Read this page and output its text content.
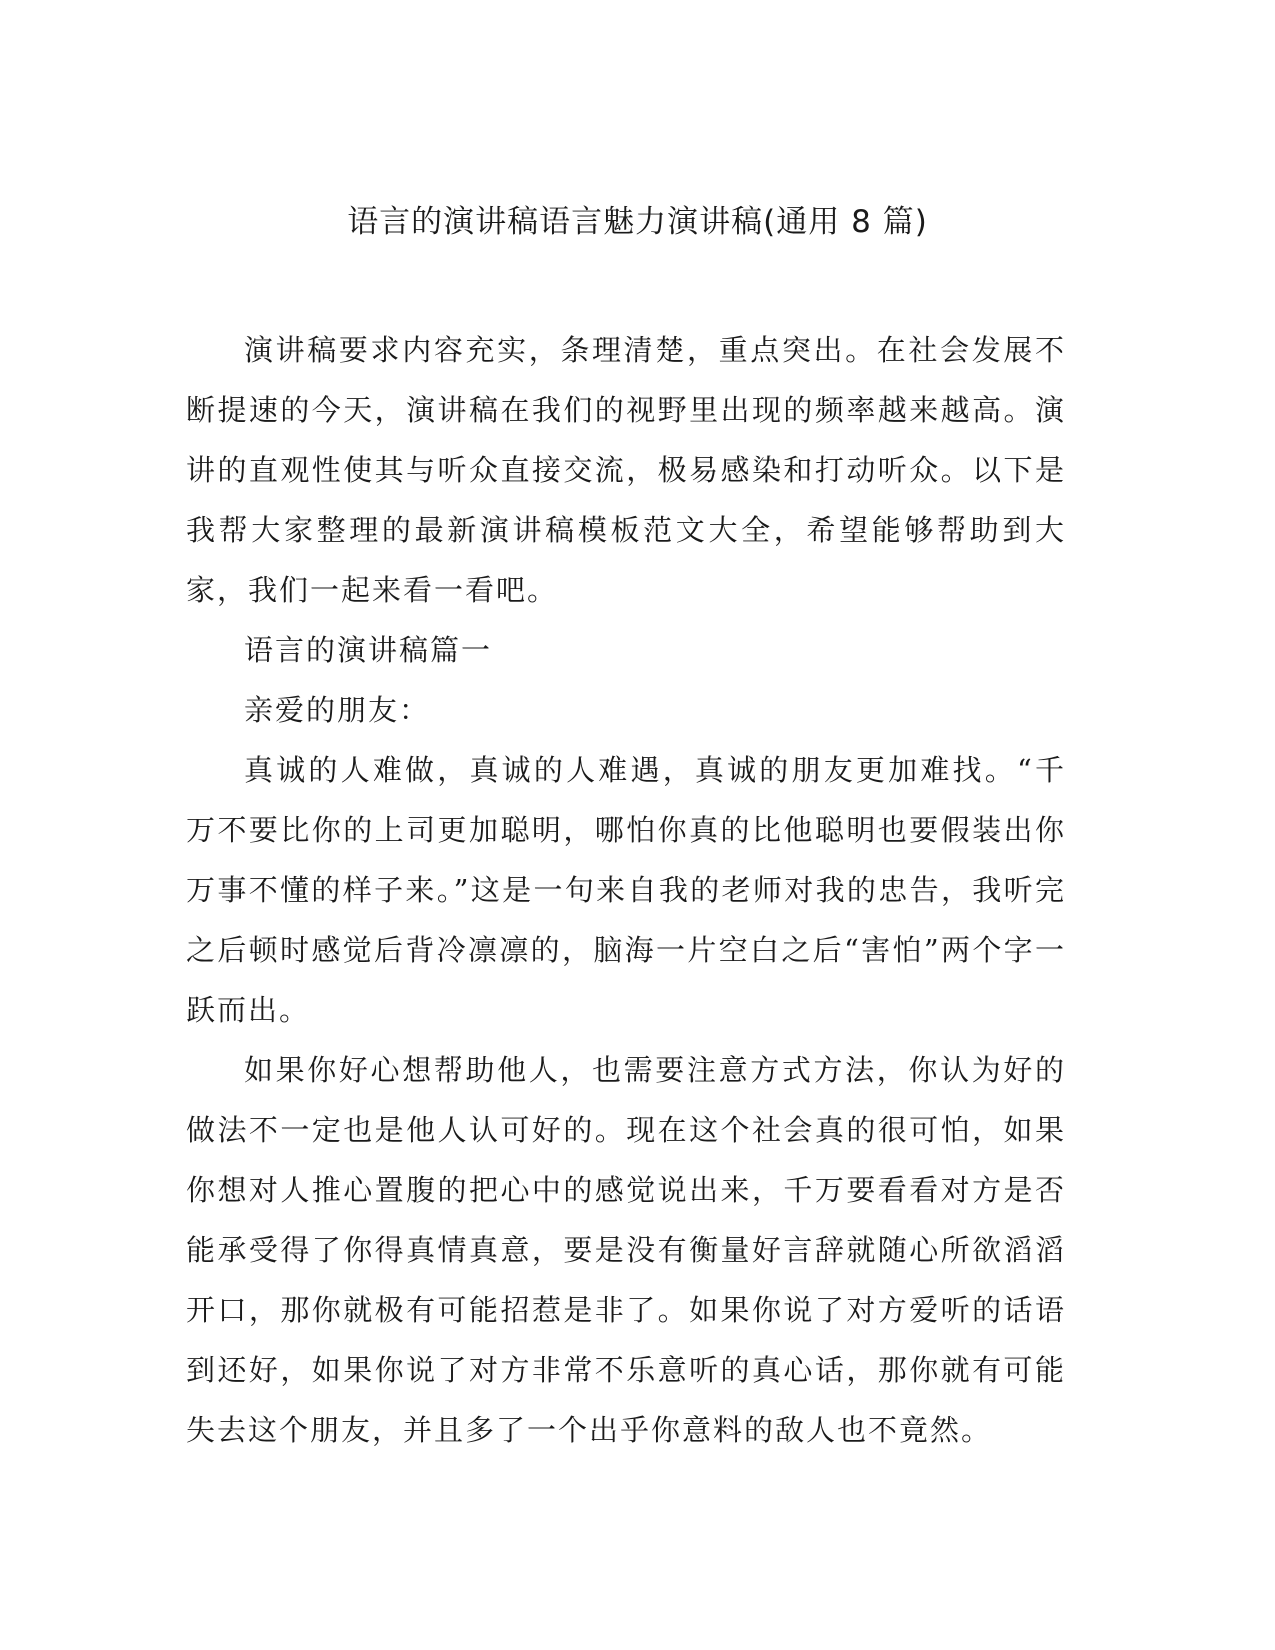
语言的演讲稿语言魅力演讲稿(通用 8 篇)

演讲稿要求内容充实，条理清楚，重点突出。在社会发展不断提速的今天，演讲稿在我们的视野里出现的频率越来越高。演讲的直观性使其与听众直接交流，极易感染和打动听众。以下是我帮大家整理的最新演讲稿模板范文大全，希望能够帮助到大家，我们一起来看一看吧。

语言的演讲稿篇一

亲爱的朋友：

真诚的人难做，真诚的人难遇，真诚的朋友更加难找。“千万不要比你的上司更加聪明，哪怕你真的比他聪明也要假装出你万事不懂的样子来。”这是一句来自我的老师对我的忠告，我听完之后顿时感觉后背冷凛凛的，脑海一片空白之后“害怕”两个字一跃而出。

如果你好心想帮助他人，也需要注意方式方法，你认为好的做法不一定也是他人认可好的。现在这个社会真的很可怕，如果你想对人推心置腹的把心中的感觉说出来，千万要看看对方是否能承受得了你得真情真意，要是没有衡量好言辞就随心所欲滔滔开口，那你就极有可能招惹是非了。如果你说了对方爱听的话语到还好，如果你说了对方非常不乐意听的真心话，那你就有可能失去这个朋友，并且多了一个出乎你意料的敌人也不竟然。
